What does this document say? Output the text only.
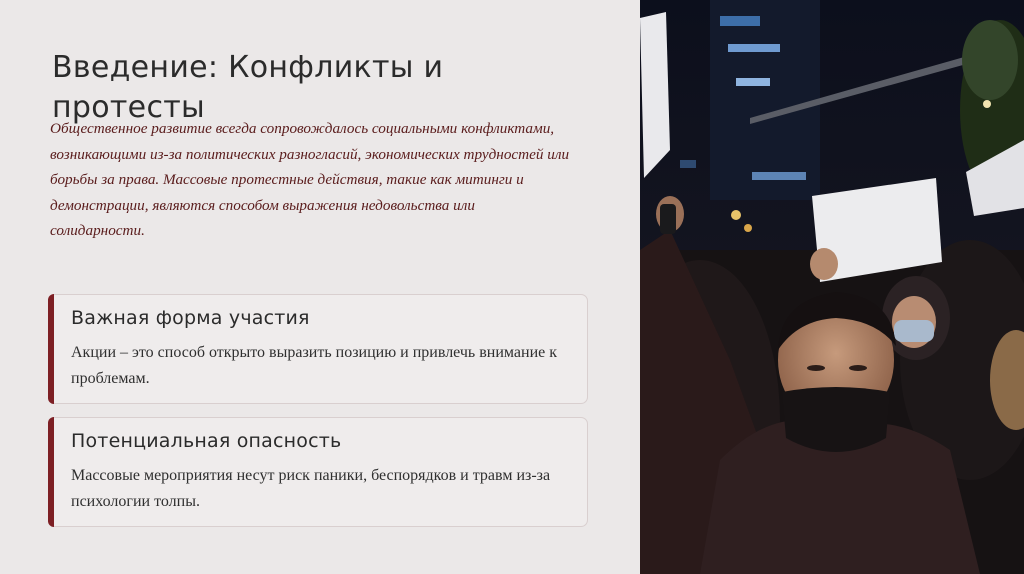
Введение: Конфликты и протесты
Общественное развитие всегда сопровождалось социальными конфликтами, возникающими из-за политических разногласий, экономических трудностей или борьбы за права. Массовые протестные действия, такие как митинги и демонстрации, являются способом выражения недовольства или солидарности.
Важная форма участия
Акции – это способ открыто выразить позицию и привлечь внимание к проблемам.
Потенциальная опасность
Массовые мероприятия несут риск паники, беспорядков и травм из-за психологии толпы.
